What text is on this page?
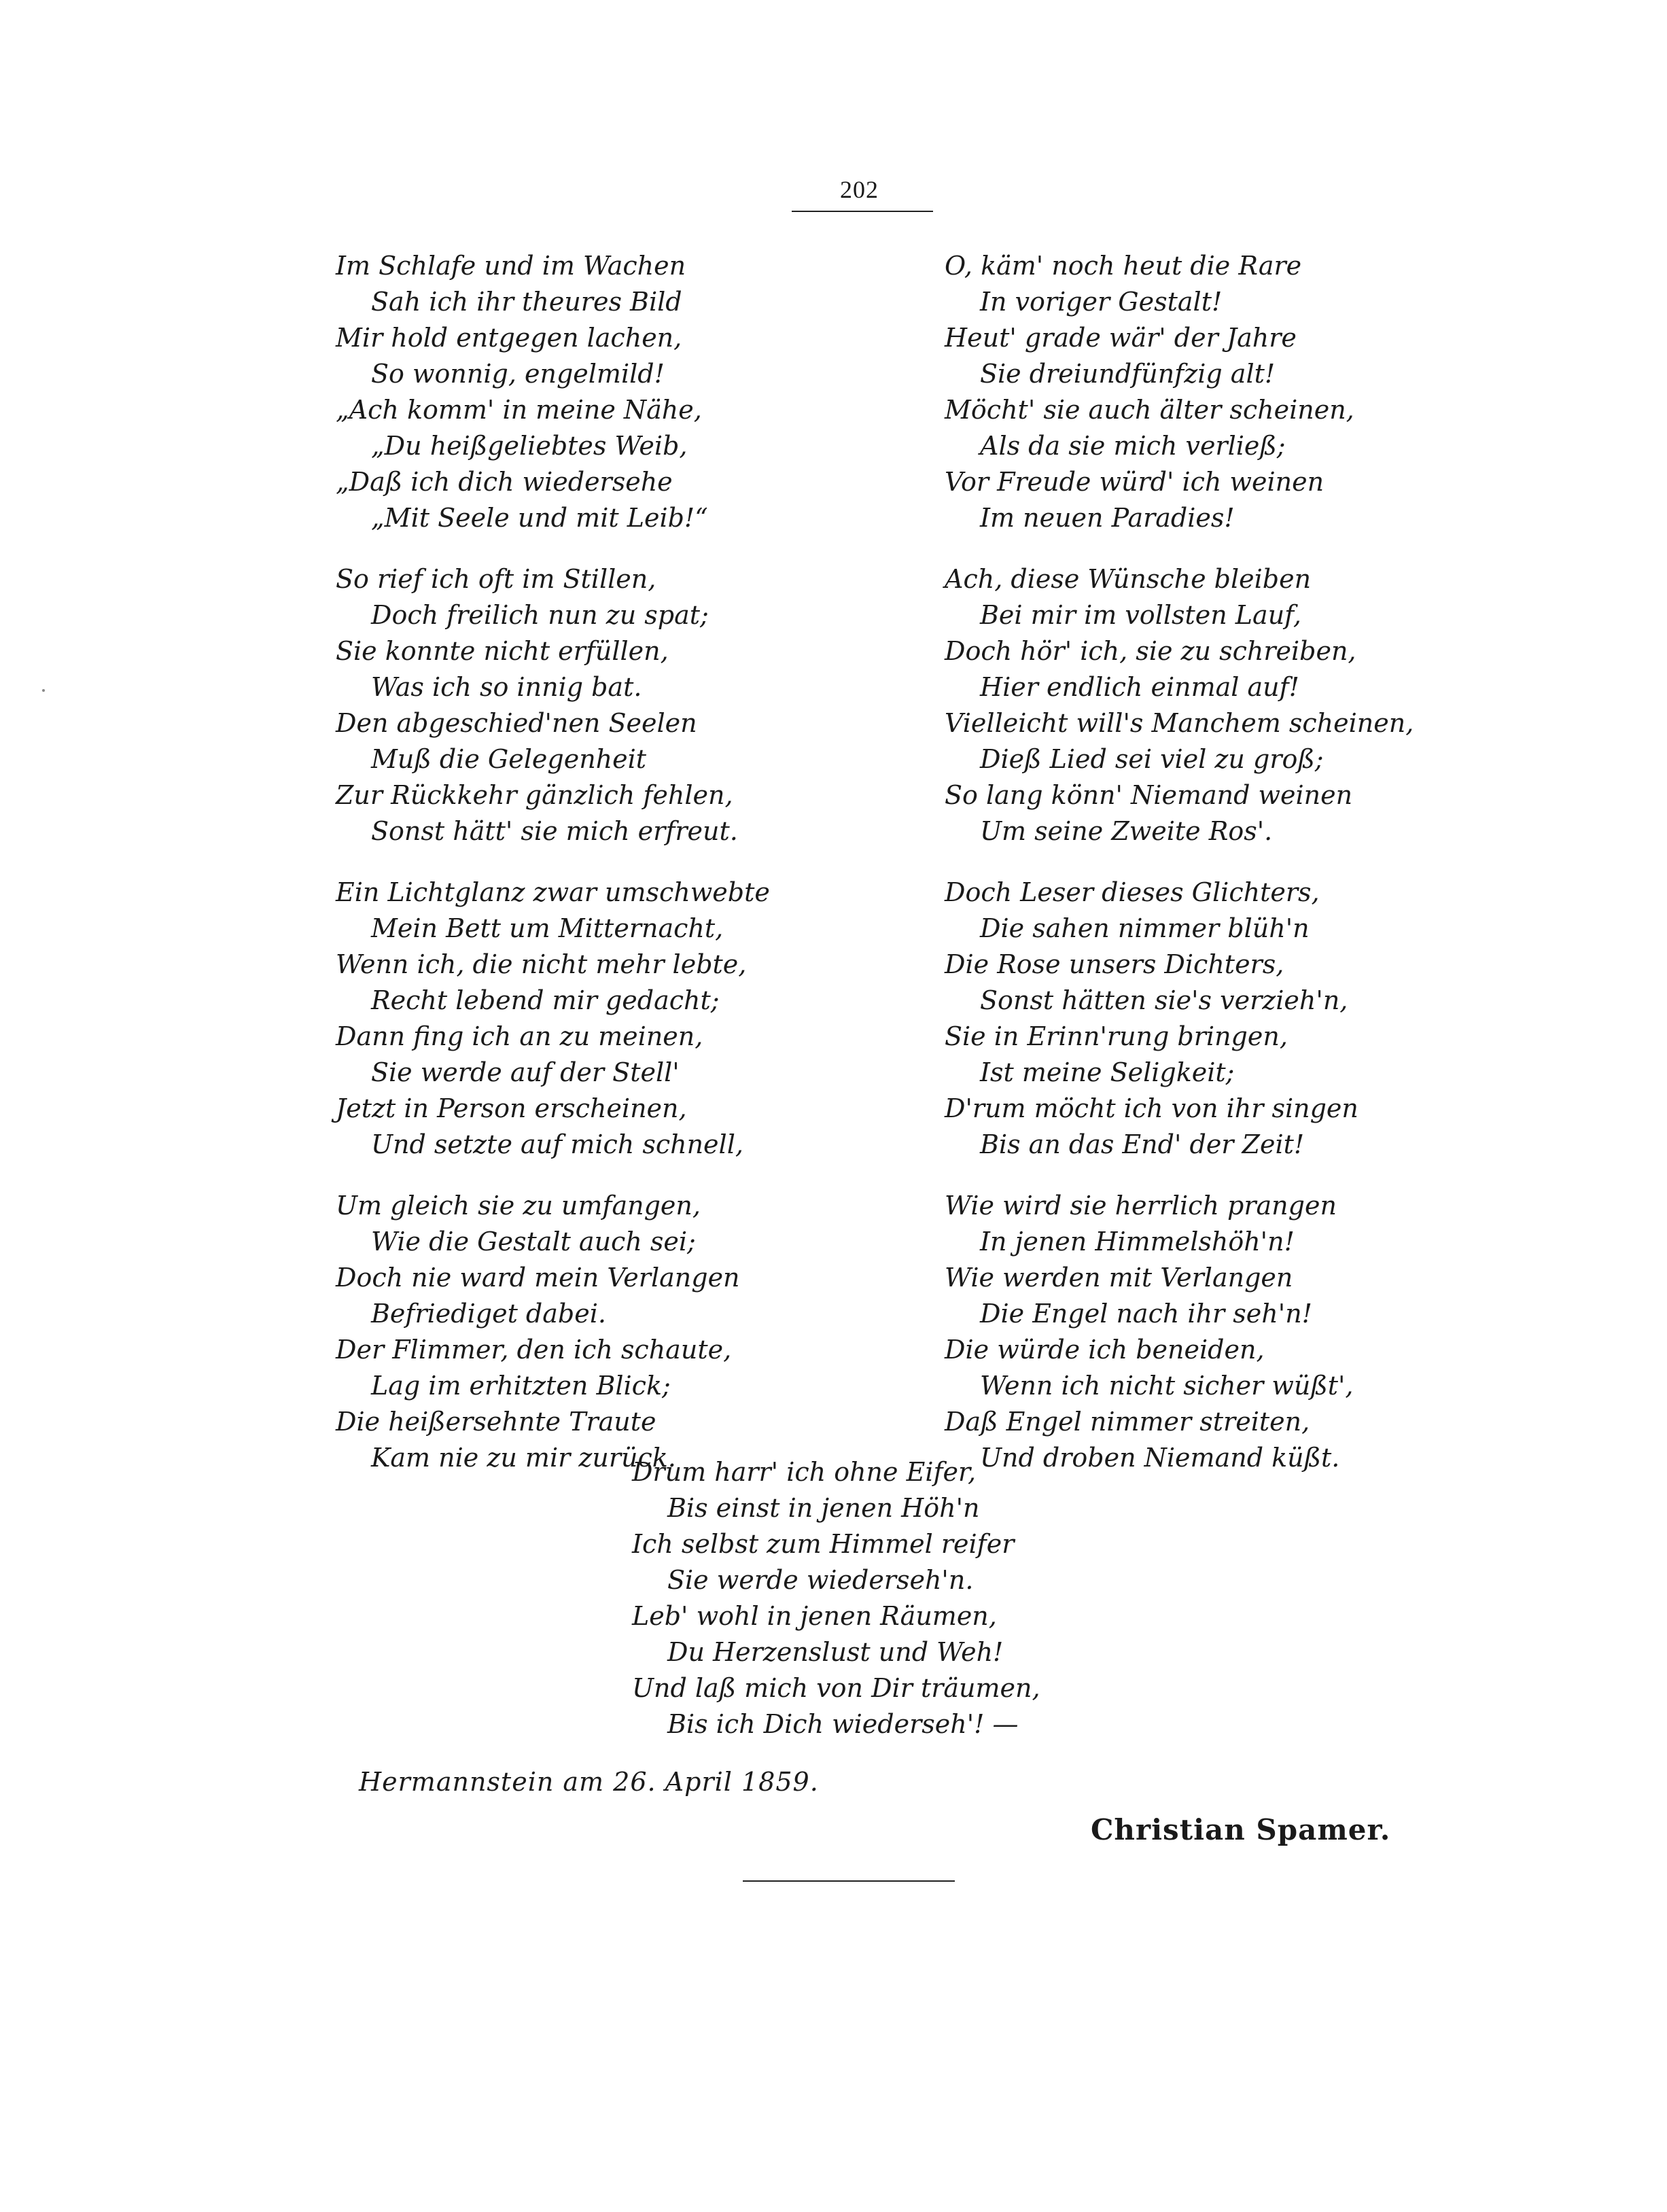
202
Im Schlafe und im Wachen
Sah ich ihr theures Bild
Mir hold entgegen lachen,
So wonnig, engelmild!
„Ach komm' in meine Nähe,
„Du heißgeliebtes Weib,
„Daß ich dich wiedersehe
„Mit Seele und mit Leib!“
So rief ich oft im Stillen,
Doch freilich nun zu spat;
Sie konnte nicht erfüllen,
Was ich so innig bat.
Den abgeschied'nen Seelen
Muß die Gelegenheit
Zur Rückkehr gänzlich fehlen,
Sonst hätt' sie mich erfreut.
Ein Lichtglanz zwar umschwebte
Mein Bett um Mitternacht,
Wenn ich, die nicht mehr lebte,
Recht lebend mir gedacht;
Dann fing ich an zu meinen,
Sie werde auf der Stell'
Jetzt in Person erscheinen,
Und setzte auf mich schnell,
Um gleich sie zu umfangen,
Wie die Gestalt auch sei;
Doch nie ward mein Verlangen
Befriediget dabei.
Der Flimmer, den ich schaute,
Lag im erhitzten Blick;
Die heißersehnte Traute
Kam nie zu mir zurück.
O, käm' noch heut die Rare
In voriger Gestalt!
Heut' grade wär' der Jahre
Sie dreiundfünfzig alt!
Möcht' sie auch älter scheinen,
Als da sie mich verließ;
Vor Freude würd' ich weinen
Im neuen Paradies!
Ach, diese Wünsche bleiben
Bei mir im vollsten Lauf,
Doch hör' ich, sie zu schreiben,
Hier endlich einmal auf!
Vielleicht will's Manchem scheinen,
Dieß Lied sei viel zu groß;
So lang könn' Niemand weinen
Um seine Zweite Ros'.
Doch Leser dieses Glichters,
Die sahen nimmer blüh'n
Die Rose unsers Dichters,
Sonst hätten sie's verzieh'n,
Sie in Erinn'rung bringen,
Ist meine Seligkeit;
D'rum möcht ich von ihr singen
Bis an das End' der Zeit!
Wie wird sie herrlich prangen
In jenen Himmelshöh'n!
Wie werden mit Verlangen
Die Engel nach ihr seh'n!
Die würde ich beneiden,
Wenn ich nicht sicher wüßt',
Daß Engel nimmer streiten,
Und droben Niemand küßt.
Drum harr' ich ohne Eifer,
Bis einst in jenen Höh'n
Ich selbst zum Himmel reifer
Sie werde wiederseh'n.
Leb' wohl in jenen Räumen,
Du Herzenslust und Weh!
Und laß mich von Dir träumen,
Bis ich Dich wiederseh'! —
Hermannstein am 26. April 1859.
Christian Spamer.
